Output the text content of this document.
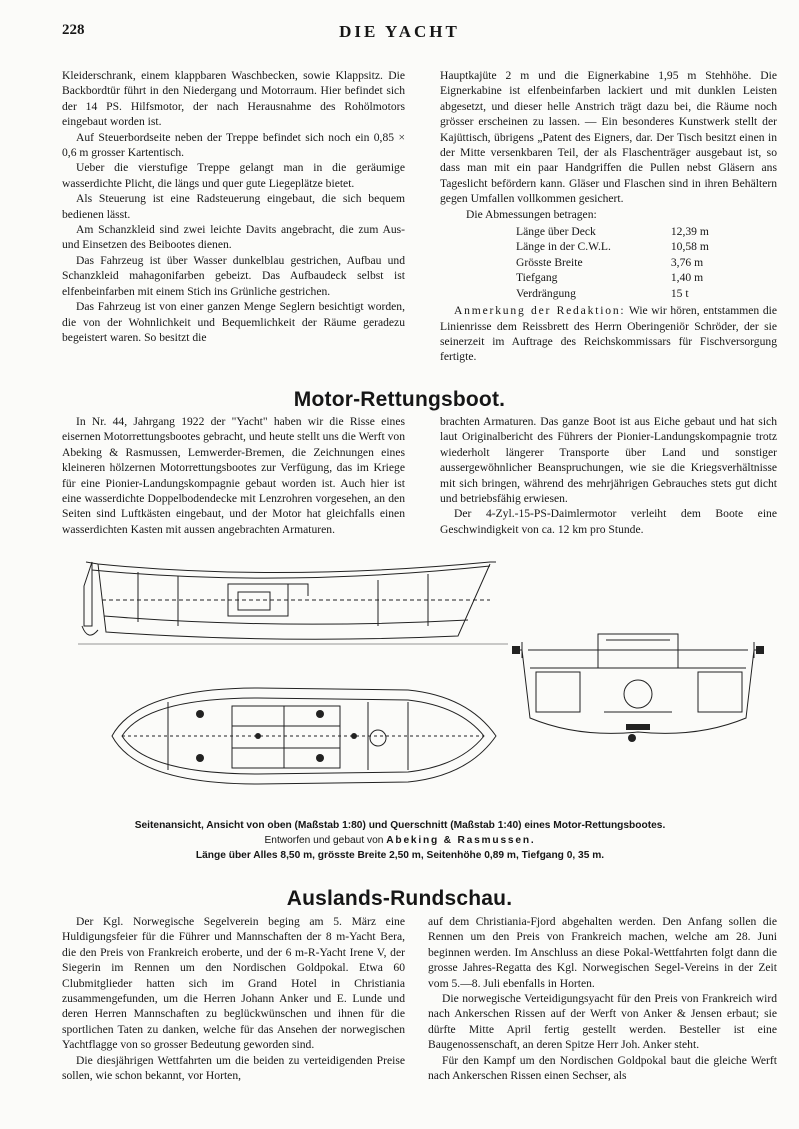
228	DIE YACHT

Kleiderschrank, einem klappbaren Waschbecken, sowie Klappsitz. Die Backbordtür führt in den Niedergang und Motorraum. Hier befindet sich der 14 PS. Hilfsmotor, der nach Herausnahme des Rohölmotors eingebaut worden ist.

Auf Steuerbordseite neben der Treppe befindet sich noch ein 0,85 × 0,6 m grosser Kartentisch.

Ueber die vierstufige Treppe gelangt man in die geräumige wasserdichte Plicht, die längs und quer gute Liegeplätze bietet.

Als Steuerung ist eine Radsteuerung eingebaut, die sich bequem bedienen lässt.

Am Schanzkleid sind zwei leichte Davits angebracht, die zum Aus- und Einsetzen des Beibootes dienen.

Das Fahrzeug ist über Wasser dunkelblau gestrichen, Aufbau und Schanzkleid mahagonifarben gebeizt. Das Aufbaudeck selbst ist elfenbeinfarben mit einem Stich ins Grünliche gestrichen.

Das Fahrzeug ist von einer ganzen Menge Seglern besichtigt worden, die von der Wohnlichkeit und Bequemlichkeit der Räume geradezu begeistert waren. So besitzt die

Hauptkajüte 2 m und die Eignerkabine 1,95 m Stehhöhe. Die Eignerkabine ist elfenbeinfarben lackiert und mit dunklen Leisten abgesetzt, und dieser helle Anstrich trägt dazu bei, die Räume noch grösser erscheinen zu lassen. — Ein besonderes Kunstwerk stellt der Kajüttisch, übrigens „Patent des Eigners, dar. Der Tisch besitzt einen in der Mitte versenkbaren Teil, der als Flaschenträger ausgebaut ist, so dass man mit ein paar Handgriffen die Pullen nebst Gläsern ans Tageslicht befördern kann. Gläser und Flaschen sind in ihren Behältern gegen Umfallen vollkommen gesichert.

Die Abmessungen betragen:

Länge über Deck	12,39 m
Länge in der C.W.L.	10,58 m
Grösste Breite	3,76 m
Tiefgang	1,40 m
Verdrängung	15 t

Anmerkung der Redaktion: Wie wir hören, entstammen die Linienrisse dem Reissbrett des Herrn Oberingeniör Schröder, der sie seinerzeit im Auftrage des Reichskommissars für Fischversorgung fertigte.

Motor-Rettungsboot.

In Nr. 44, Jahrgang 1922 der "Yacht" haben wir die Risse eines eisernen Motorrettungsbootes gebracht, und heute stellt uns die Werft von Abeking & Rasmussen, Lemwerder-Bremen, die Zeichnungen eines kleineren hölzernen Motorrettungsbootes zur Verfügung, das im Kriege für eine Pionier-Landungskompagnie gebaut worden ist. Auch hier ist eine wasserdichte Doppelbodendecke mit Lenzrohren vorgesehen, an den Seiten sind Luftkästen eingebaut, und der Motor hat gleichfalls einen wasserdichten Kasten mit aussen angebrachten Armaturen.

brachten Armaturen. Das ganze Boot ist aus Eiche gebaut und hat sich laut Originalbericht des Führers der Pionier-Landungskompagnie trotz wiederholt längerer Transporte über Land und sonstiger aussergewöhnlicher Beanspruchungen, wie sie die Kriegsverhältnisse mit sich bringen, während des mehrjährigen Gebrauches stets gut dicht und betriebsfähig erwiesen.

Der 4-Zyl.-15-PS-Daimlermotor verleiht dem Boote eine Geschwindigkeit von ca. 12 km pro Stunde.

Seitenansicht, Ansicht von oben (Maßstab 1:80) und Querschnitt (Maßstab 1:40) eines Motor-Rettungsbootes.
Entworfen und gebaut von Abeking & Rasmussen.
Länge über Alles 8,50 m, grösste Breite 2,50 m, Seitenhöhe 0,89 m, Tiefgang 0, 35 m.
Auslands-Rundschau.

Der Kgl. Norwegische Segelverein beging am 5. März eine Huldigungsfeier für die Führer und Mannschaften der 8 m-Yacht Bera, die den Preis von Frankreich eroberte, und der 6 m-R-Yacht Irene V, der Siegerin im Rennen um den Nordischen Goldpokal. Etwa 60 Clubmitglieder hatten sich im Grand Hotel in Christiania zusammengefunden, um die Herren Johann Anker und E. Lunde und deren Herren Mannschaften zu beglückwünschen und ihnen für die sportlichen Taten zu danken, welche für das Ansehen der norwegischen Yachtflagge von so grosser Bedeutung geworden sind.

Die diesjährigen Wettfahrten um die beiden zu verteidigenden Preise sollen, wie schon bekannt, vor Horten,

auf dem Christiania-Fjord abgehalten werden. Den Anfang sollen die Rennen um den Preis von Frankreich machen, welche am 28. Juni beginnen werden. Im Anschluss an diese Pokal-Wettfahrten folgt dann die grosse Jahres-Regatta des Kgl. Norwegischen Segel-Vereins in der Zeit vom 5.—8. Juli ebenfalls in Horten.

Die norwegische Verteidigungsyacht für den Preis von Frankreich wird nach Ankerschen Rissen auf der Werft von Anker & Jensen erbaut; sie dürfte Mitte April fertig gestellt werden. Besteller ist eine Baugenossenschaft, an deren Spitze Herr Joh. Anker steht.

Für den Kampf um den Nordischen Goldpokal baut die gleiche Werft nach Ankerschen Rissen einen Sechser, als
